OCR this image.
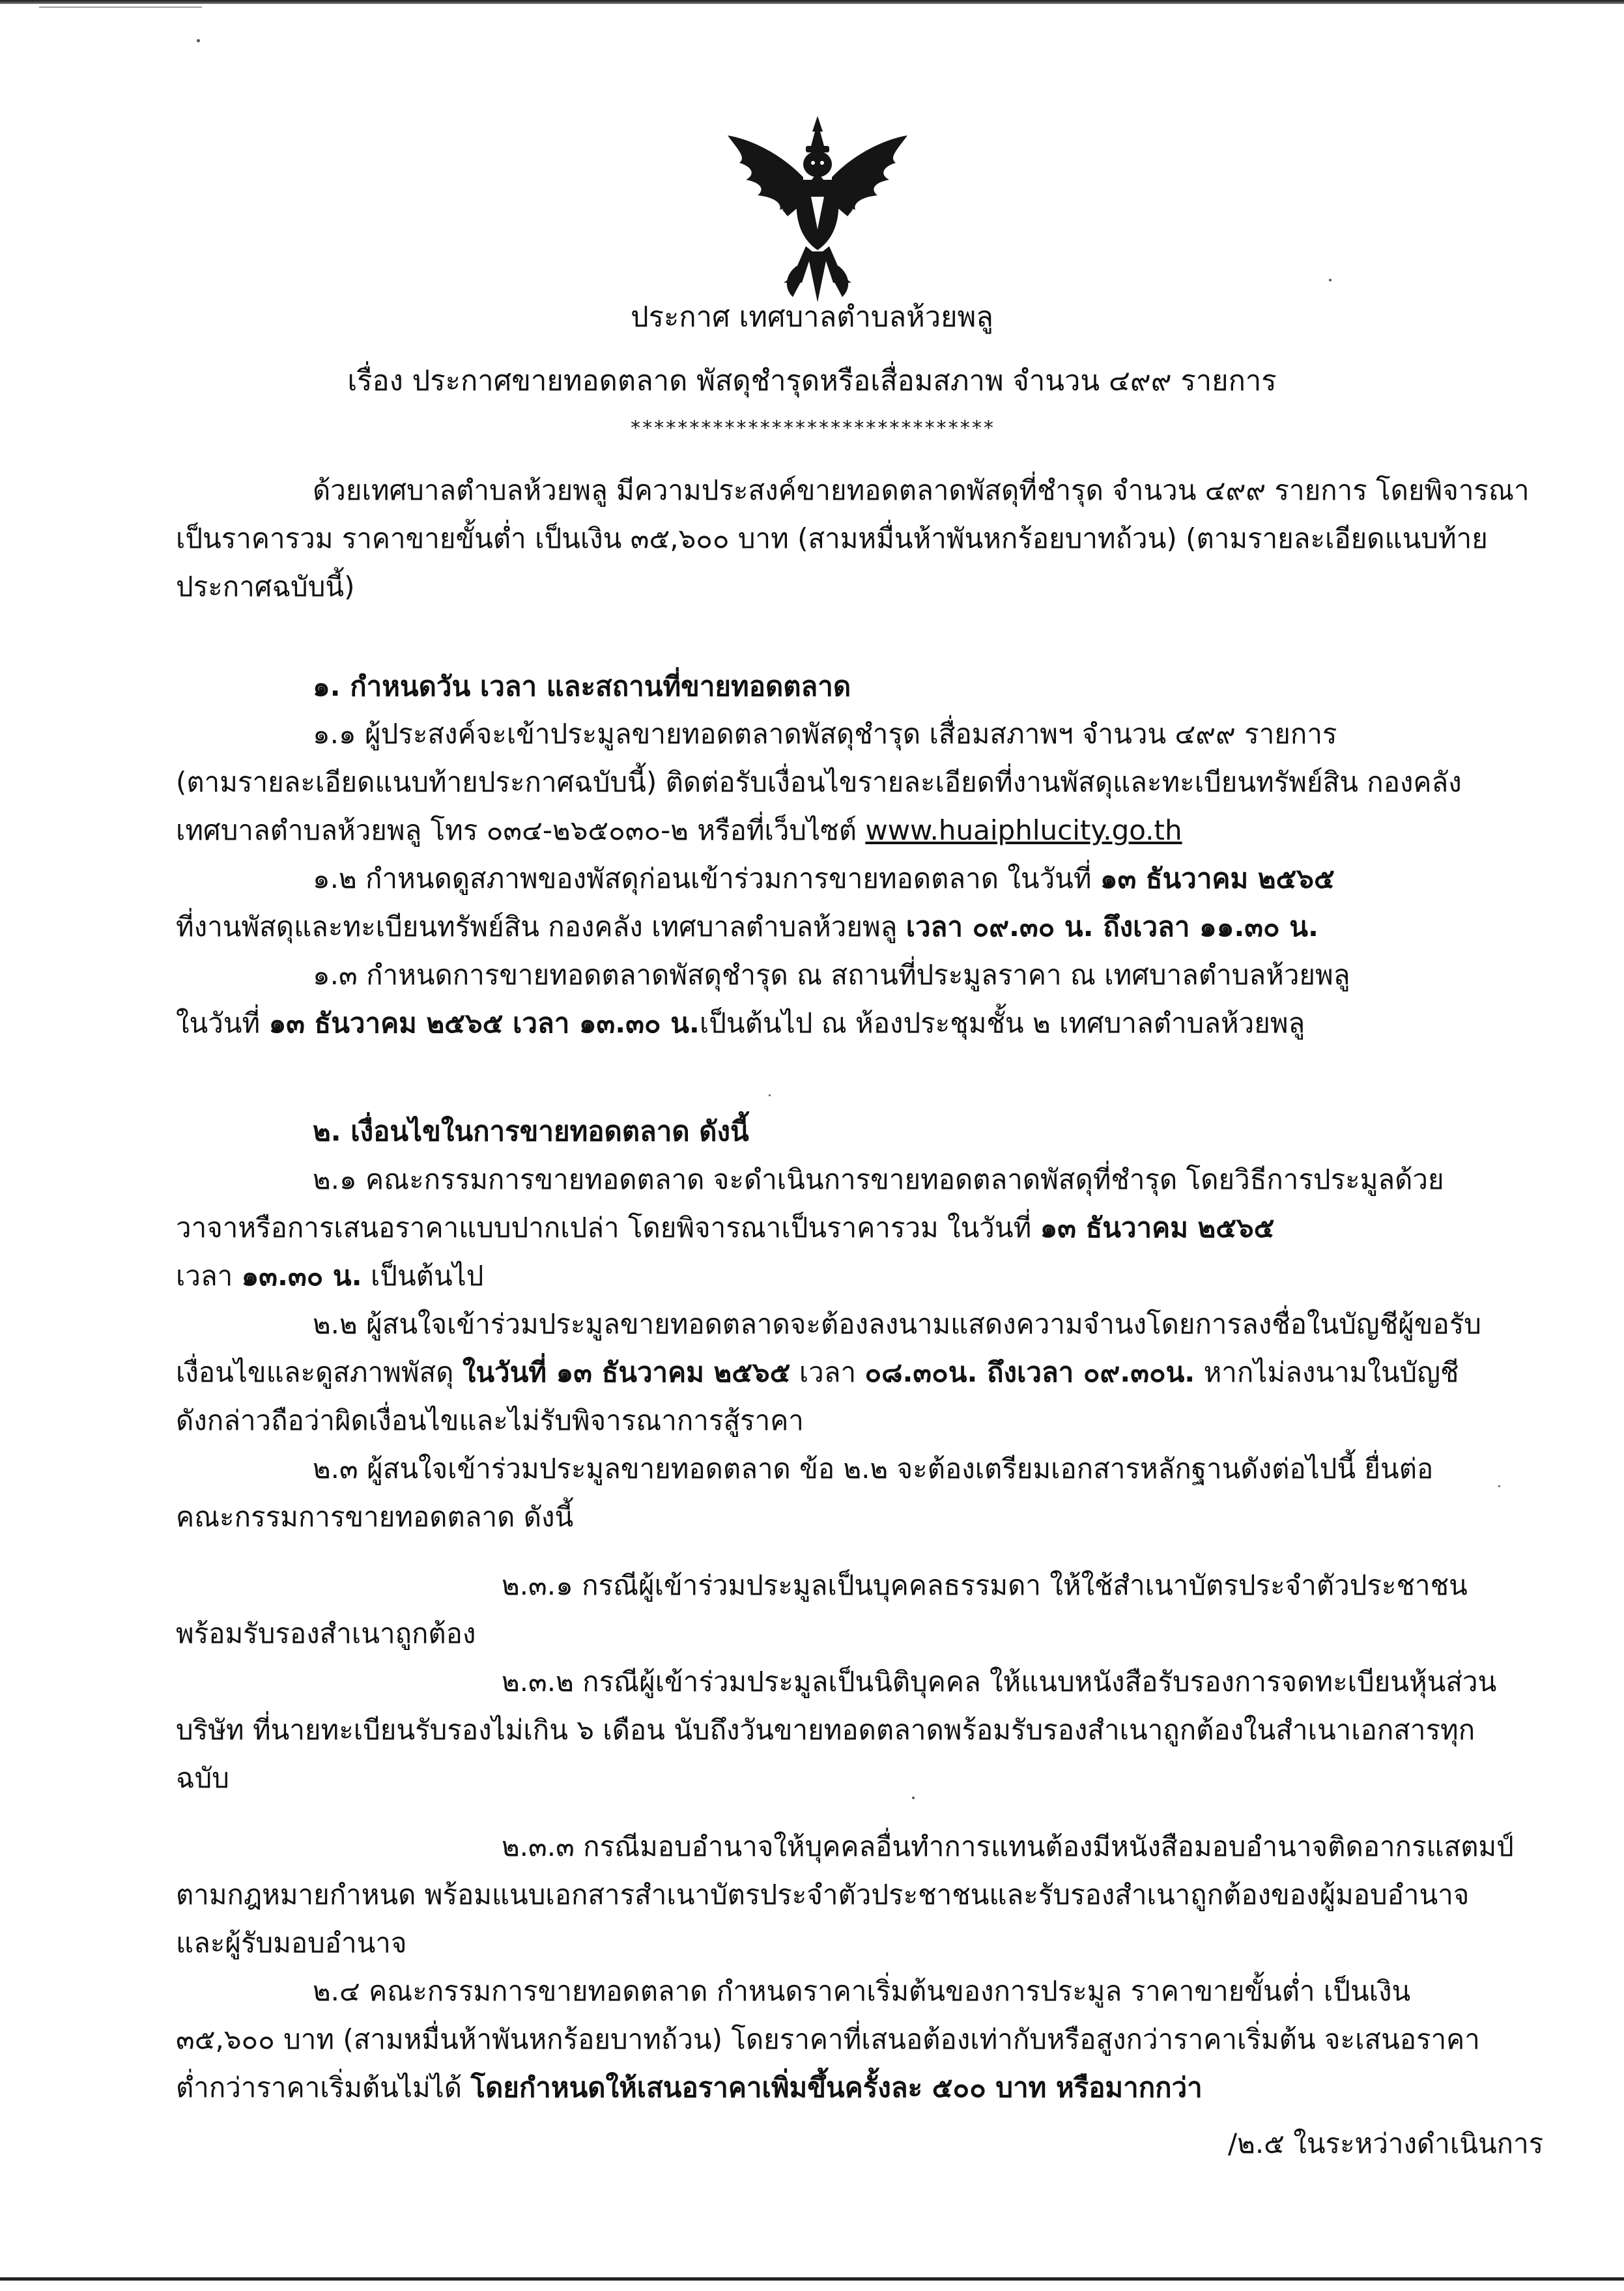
ประกาศ เทศบาลตำบลห้วยพลู
เรื่อง ประกาศขายทอดตลาด พัสดุชำรุดหรือเสื่อมสภาพ จำนวน ๔๙๙ รายการ
*******************************
ด้วยเทศบาลตำบลห้วยพลู มีความประสงค์ขายทอดตลาดพัสดุที่ชำรุด จำนวน ๔๙๙ รายการ โดยพิจารณา
เป็นราคารวม ราคาขายขั้นต่ำ เป็นเงิน ๓๕,๖๐๐ บาท (สามหมื่นห้าพันหกร้อยบาทถ้วน) (ตามรายละเอียดแนบท้าย
ประกาศฉบับนี้)
๑. กำหนดวัน เวลา และสถานที่ขายทอดตลาด
๑.๑ ผู้ประสงค์จะเข้าประมูลขายทอดตลาดพัสดุชำรุด เสื่อมสภาพฯ จำนวน ๔๙๙ รายการ
(ตามรายละเอียดแนบท้ายประกาศฉบับนี้) ติดต่อรับเงื่อนไขรายละเอียดที่งานพัสดุและทะเบียนทรัพย์สิน กองคลัง
เทศบาลตำบลห้วยพลู โทร ๐๓๔-๒๖๕๐๓๐-๒ หรือที่เว็บไซต์ www.huaiphlucity.go.th
๑.๒ กำหนดดูสภาพของพัสดุก่อนเข้าร่วมการขายทอดตลาด ในวันที่ ๑๓ ธันวาคม ๒๕๖๕
ที่งานพัสดุและทะเบียนทรัพย์สิน กองคลัง เทศบาลตำบลห้วยพลู เวลา ๐๙.๓๐ น. ถึงเวลา ๑๑.๓๐ น.
๑.๓ กำหนดการขายทอดตลาดพัสดุชำรุด ณ สถานที่ประมูลราคา ณ เทศบาลตำบลห้วยพลู
ในวันที่ ๑๓ ธันวาคม ๒๕๖๕ เวลา ๑๓.๓๐ น.เป็นต้นไป ณ ห้องประชุมชั้น ๒ เทศบาลตำบลห้วยพลู
๒. เงื่อนไขในการขายทอดตลาด ดังนี้
๒.๑ คณะกรรมการขายทอดตลาด จะดำเนินการขายทอดตลาดพัสดุที่ชำรุด โดยวิธีการประมูลด้วย
วาจาหรือการเสนอราคาแบบปากเปล่า โดยพิจารณาเป็นราคารวม ในวันที่ ๑๓ ธันวาคม ๒๕๖๕
เวลา ๑๓.๓๐ น. เป็นต้นไป
๒.๒ ผู้สนใจเข้าร่วมประมูลขายทอดตลาดจะต้องลงนามแสดงความจำนงโดยการลงชื่อในบัญชีผู้ขอรับ
เงื่อนไขและดูสภาพพัสดุ ในวันที่ ๑๓ ธันวาคม ๒๕๖๕ เวลา ๐๘.๓๐น. ถึงเวลา ๐๙.๓๐น. หากไม่ลงนามในบัญชี
ดังกล่าวถือว่าผิดเงื่อนไขและไม่รับพิจารณาการสู้ราคา
๒.๓ ผู้สนใจเข้าร่วมประมูลขายทอดตลาด ข้อ ๒.๒ จะต้องเตรียมเอกสารหลักฐานดังต่อไปนี้ ยื่นต่อ
คณะกรรมการขายทอดตลาด ดังนี้
๒.๓.๑ กรณีผู้เข้าร่วมประมูลเป็นบุคคลธรรมดา ให้ใช้สำเนาบัตรประจำตัวประชาชน
พร้อมรับรองสำเนาถูกต้อง
๒.๓.๒ กรณีผู้เข้าร่วมประมูลเป็นนิติบุคคล ให้แนบหนังสือรับรองการจดทะเบียนหุ้นส่วน
บริษัท ที่นายทะเบียนรับรองไม่เกิน ๖ เดือน นับถึงวันขายทอดตลาดพร้อมรับรองสำเนาถูกต้องในสำเนาเอกสารทุก
ฉบับ
๒.๓.๓ กรณีมอบอำนาจให้บุคคลอื่นทำการแทนต้องมีหนังสือมอบอำนาจติดอากรแสตมป์
ตามกฎหมายกำหนด พร้อมแนบเอกสารสำเนาบัตรประจำตัวประชาชนและรับรองสำเนาถูกต้องของผู้มอบอำนาจ
และผู้รับมอบอำนาจ
๒.๔ คณะกรรมการขายทอดตลาด กำหนดราคาเริ่มต้นของการประมูล ราคาขายขั้นต่ำ เป็นเงิน
๓๕,๖๐๐ บาท (สามหมื่นห้าพันหกร้อยบาทถ้วน) โดยราคาที่เสนอต้องเท่ากับหรือสูงกว่าราคาเริ่มต้น จะเสนอราคา
ต่ำกว่าราคาเริ่มต้นไม่ได้ โดยกำหนดให้เสนอราคาเพิ่มขึ้นครั้งละ ๕๐๐ บาท หรือมากกว่า
/๒.๕ ในระหว่างดำเนินการ
